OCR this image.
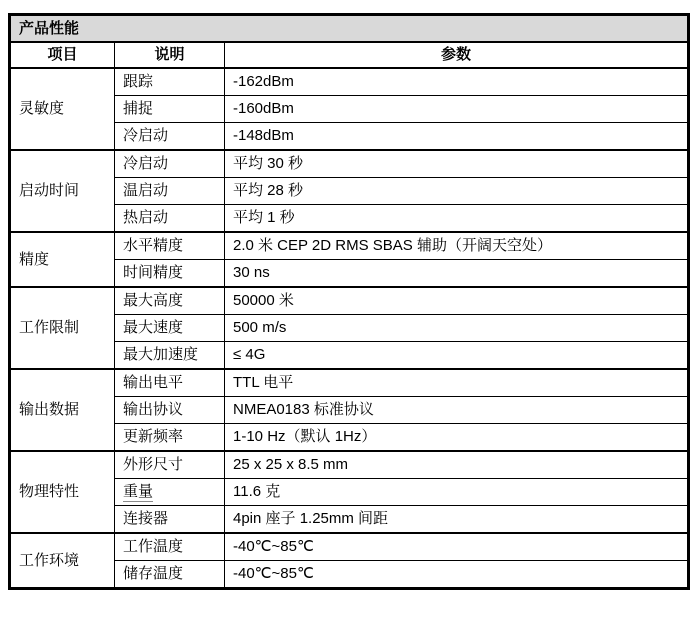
产品性能		
项目	说明	参数
灵敏度	跟踪	-162dBm
	捕捉	-160dBm
	冷启动	-148dBm
启动时间	冷启动	平均 30 秒
	温启动	平均 28 秒
	热启动	平均 1 秒
精度	水平精度	2.0 米 CEP 2D RMS SBAS 辅助（开阔天空处）
	时间精度	30 ns
工作限制	最大高度	50000 米
	最大速度	500 m/s
	最大加速度	≤ 4G
输出数据	输出电平	TTL 电平
	输出协议	NMEA0183 标准协议
	更新频率	1-10 Hz（默认 1Hz）
物理特性	外形尺寸	25 x 25 x 8.5 mm
	重量	11.6 克
	连接器	4pin 座子 1.25mm 间距
工作环境	工作温度	-40℃~85℃
	储存温度	-40℃~85℃
